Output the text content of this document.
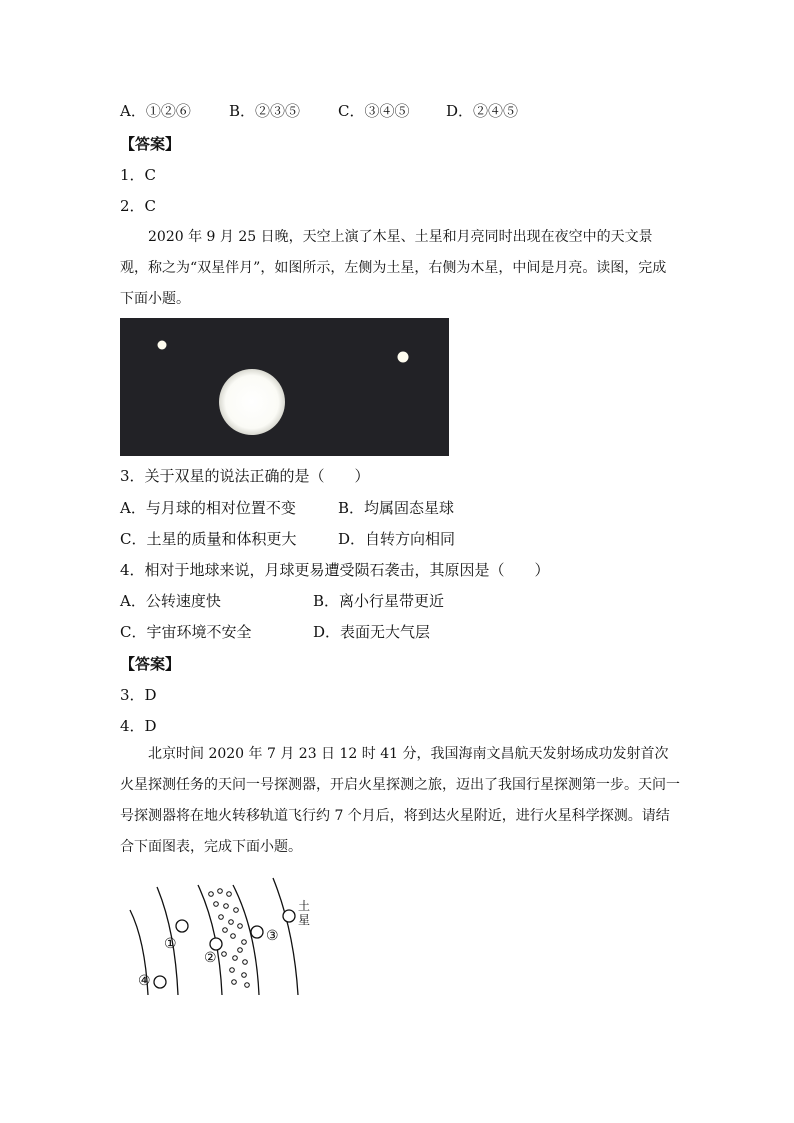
A．①②⑥	B．②③⑤	C．③④⑤ D．②④⑤
【答案】
1．C
2．C
2020 年 9 月 25 日晚，天空上演了木星、土星和月亮同时出现在夜空中的天文景观，称之为“双星伴月”，如图所示，左侧为土星，右侧为木星，中间是月亮。读图，完成下面小题。
3．关于双星的说法正确的是（　　）
A．与月球的相对位置不变	B．均属固态星球
C．土星的质量和体积更大	D．自转方向相同
4．相对于地球来说，月球更易遭受陨石袭击，其原因是（　　）
A．公转速度快	B．离小行星带更近
C．宇宙环境不安全	D．表面无大气层
【答案】
3．D
4．D
北京时间 2020 年 7 月 23 日 12 时 41 分，我国海南文昌航天发射场成功发射首次火星探测任务的天问一号探测器，开启火星探测之旅，迈出了我国行星探测第一步。天问一号探测器将在地火转移轨道飞行约 7 个月后，将到达火星附近，进行火星科学探测。请结合下面图表，完成下面小题。
④
①
②
③
土
星
